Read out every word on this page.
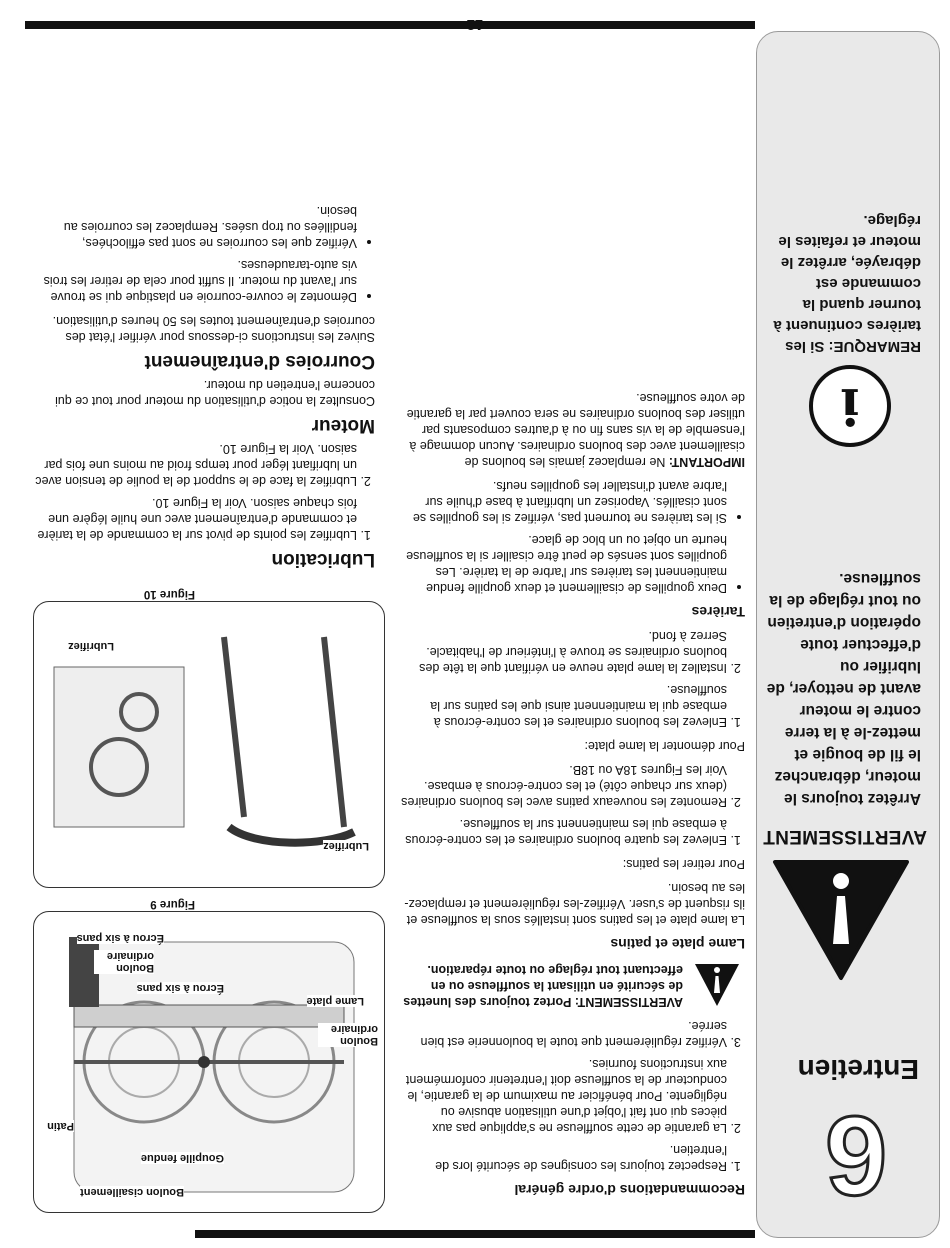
6
Entretien
AVERTISSEMENT
Arrêtez toujours le moteur, débranchez le fil de bougie et mettez-le à la terre contre le moteur avant de nettoyer, de lubrifier ou d'effectuer toute opération d'entretien ou tout réglage de la souffleuse.
i
REMARQUE: Si les tarières continuent à tourner quand la commande est débrayée, arrêtez le moteur et refaites le réglage.
Recommandations d'ordre général
1. Respectez toujours les consignes de sécurité lors de l'entretien.
2. La garantie de cette souffleuse ne s'applique pas aux pièces qui ont fait l'objet d'une utilisation abusive ou négligente. Pour bénéficier au maximum de la garantie, le conducteur de la souffleuse doit l'entretenir conformément aux instructions fournies.
3. Vérifiez régulièrement que toute la boulonnerie est bien serrée.
AVERTISSEMENT: Portez toujours des lunettes de sécurité en utilisant la souffleuse ou en effectuant tout réglage ou toute réparation.
Lame plate et patins

La lame plate et les patins sont installés sous la souffleuse et ils risquent de s'user. Vérifiez-les régulièrement et remplacez-les au besoin.

Pour retirer les patins:

1. Enlevez les quatre boulons ordinaires et les contre-écrous à embase qui les maintiennent sur la souffleuse.
2. Remontez les nouveaux patins avec les boulons ordinaires (deux sur chaque côté) et les contre-écrous à embase. Voir les Figures 18A ou 18B.

Pour démonter la lame plate:

1. Enlevez les boulons ordinaires et les contre-écrous à embase qui la maintiennent ainsi que les patins sur la souffleuse.
2. Installez la lame plate neuve en vérifiant que la tête des boulons ordinaires se trouve à l'intérieur de l'habitacle. Serrez à fond.
Tarières
• Deux goupilles de cisaillement et deux goupille fendue maintiennent les tarières sur l'arbre de la tarière. Les goupilles sont sensés de peut être cisailler si la souffleuse heurte un objet ou un bloc de glace.
• Si les tarières ne tournent pas, vérifiez si les goupilles se sont cisaillés. Vaporisez un lubrifiant à base d'huile sur l'arbre avant d'installer les goupilles neufs.

IMPORTANT: Ne remplacez jamais les boulons de cisaillement avec des boulons ordinaires. Aucun dommage à l'ensemble de la vis sans fin ou à d'autres composants par utiliser des boulons ordinaires ne sera couvert par la garantie de votre souffleuse.

Boulon cisaillement
Goupille fendue
Patin
Boulon ordinaire
Lame plate
Écrou à six pans
Boulon ordinaire
Écrou à six pans
Figure 9
Lubrifiez
Lubrifiez
Figure 10
Lubrication
1. Lubrifiez les points de pivot sur la commande de la tarière et commande d'entraînement avec une huile légère une fois chaque saison. Voir la Figure 10.
2. Lubrifiez la face de le support de la poulie de tension avec un lubrifiant léger pour temps froid au moins une fois par saison. Voir la Figure 10.
Moteur

Consultez la notice d'utilisation du moteur pour tout ce qui concerne l'entretien du moteur.

Courroies d'entraînement

Suivez les instructions ci-dessous pour vérifier l'état des courroies d'entraînement toutes les 50 heures d'utilisation.

• Démontez le couvre-courroie en plastique qui se trouve sur l'avant du moteur. Il suffit pour cela de retirer les trois vis auto-taraudeuses.
• Vérifiez que les courroies ne sont pas effilochées, fendillées ou trop usées. Remplacez les courroies au besoin.
